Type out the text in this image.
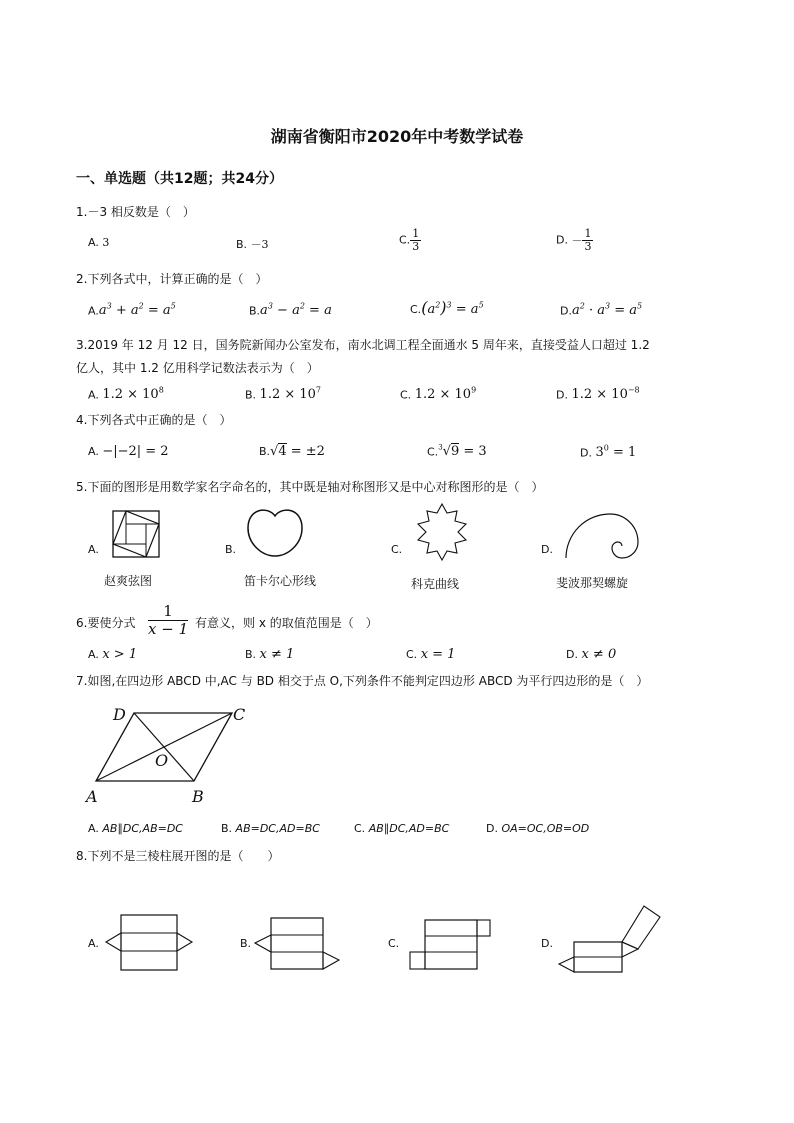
湖南省衡阳市2020年中考数学试卷
一、单选题（共12题；共24分）
1.－3 相反数是（　）
A. 3	B. －3	C. $\frac{1}{3}$	D. － $\frac{1}{3}$
2.下列各式中，计算正确的是（　）
$A.a^3 + a^2 = a^5$	$B.a^3 - a^2 = a$	$C.(a^2)^3 = a^5$	$D.a^2 \cdot a^3 = a^5$
3.2019 年 12 月 12 日，国务院新闻办公室发布，南水北调工程全面通水 5 周年来，直接受益人口超过 1.2
亿人，其中 1.2 亿用科学记数法表示为（　）
A. $1.2 \times 10^8$	B. $1.2 \times 10^7$	C. $1.2 \times 10^9$	D. $1.2 \times 10^{-8}$
4.下列各式中正确的是（　）
A. −|−2| = 2	B.√4 = ±2	C.$^3$√9 = 3	D. $3^0 = 1$
5.下面的图形是用数学家名字命名的，其中既是轴对称图形又是中心对称图形的是（　）
A.
赵爽弦图
B.
笛卡尔心形线
C.
科克曲线
D.
斐波那契螺旋
6.要使分式 $\frac{1}{x - 1}$ 有意义，则 x 的取值范围是（　）
A. x > 1	B. x ≠ 1	C. x = 1	D. x ≠ 0
7.如图,在四边形 ABCD 中,AC 与 BD 相交于点 O,下列条件不能判定四边形 ABCD 为平行四边形的是（　）
A	B
C
D
O
A. AB∥DC,AB=DC	B. AB=DC,AD=BC	C. AB∥DC,AD=BC	D. OA=OC,OB=OD
8.下列不是三棱柱展开图的是（　　）
A.	B.	C.	D.
